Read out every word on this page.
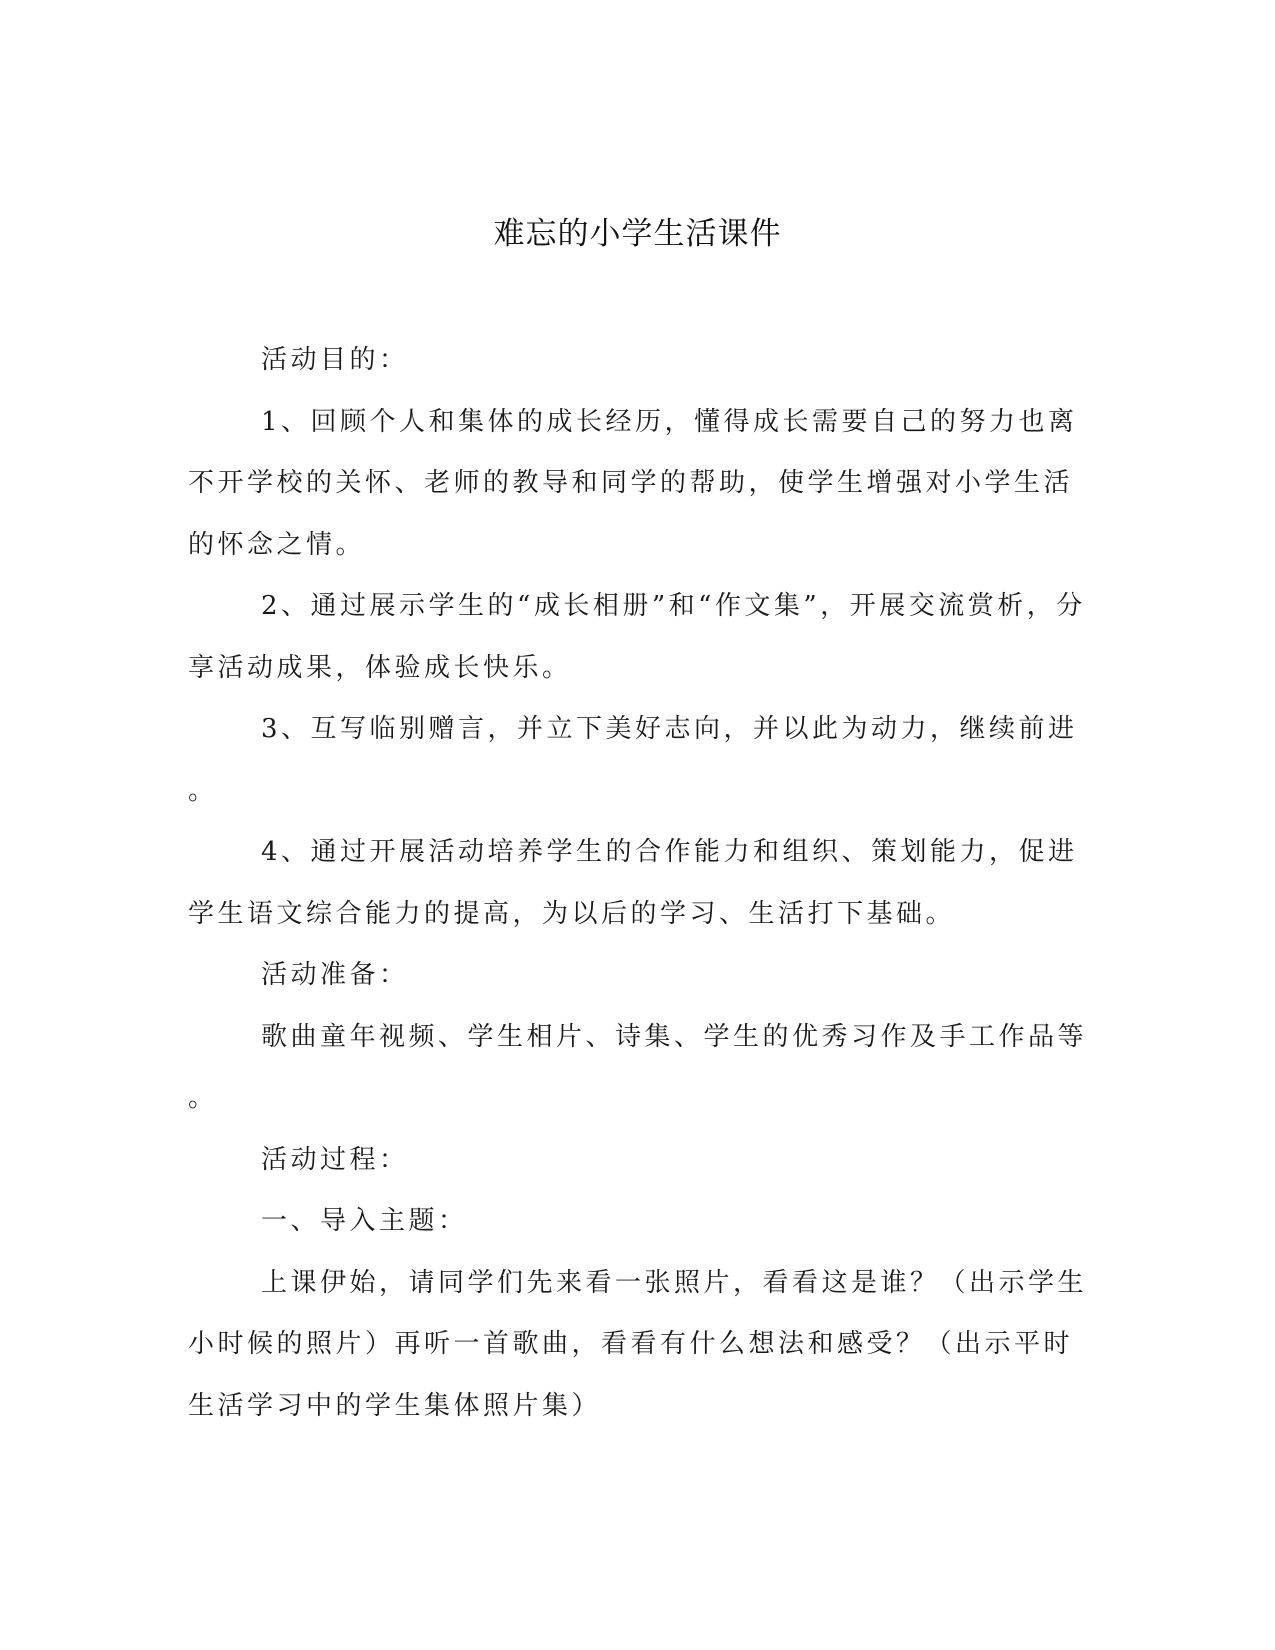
难忘的小学生活课件

活动目的：

1、回顾个人和集体的成长经历，懂得成长需要自己的努力也离不开学校的关怀、老师的教导和同学的帮助，使学生增强对小学生活的怀念之情。

2、通过展示学生的“成长相册”和“作文集”，开展交流赏析，分享活动成果，体验成长快乐。

3、互写临别赠言，并立下美好志向，并以此为动力，继续前进

。

4、通过开展活动培养学生的合作能力和组织、策划能力，促进学生语文综合能力的提高，为以后的学习、生活打下基础。

活动准备：

歌曲童年视频、学生相片、诗集、学生的优秀习作及手工作品等

。

活动过程：

一、导入主题：

上课伊始，请同学们先来看一张照片，看看这是谁？（出示学生小时候的照片）再听一首歌曲，看看有什么想法和感受？（出示平时生活学习中的学生集体照片集）
